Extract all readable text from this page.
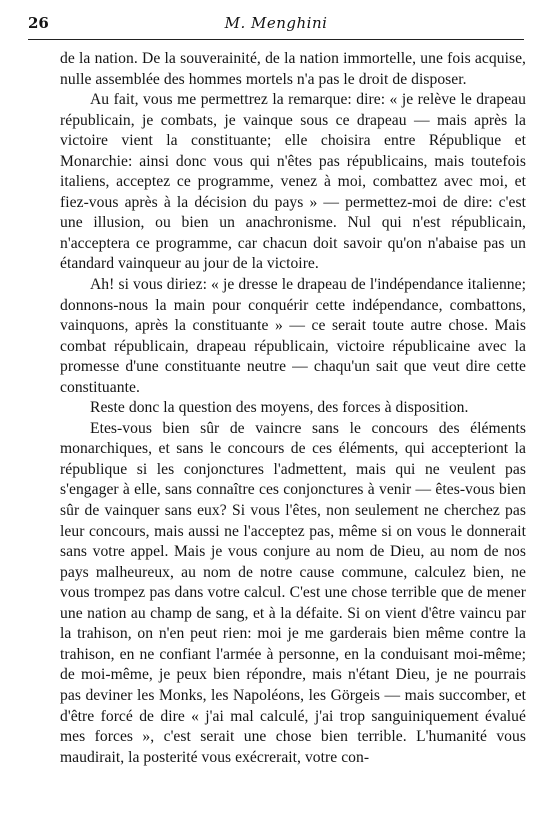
26	M. Menghini

de la nation. De la souverainité, de la nation immortelle, une fois acquise, nulle assemblée des hommes mortels n'a pas le droit de disposer.

Au fait, vous me permettrez la remarque: dire: « je relève le drapeau républicain, je combats, je vainque sous ce drapeau — mais après la victoire vient la constituante; elle choisira entre République et Monarchie: ainsi donc vous qui n'êtes pas républicains, mais toutefois italiens, acceptez ce programme, venez à moi, combattez avec moi, et fiez-vous après à la décision du pays » — permettez-moi de dire: c'est une illusion, ou bien un anachronisme. Nul qui n'est républicain, n'acceptera ce programme, car chacun doit savoir qu'on n'abaise pas un étandard vainqueur au jour de la victoire.

Ah! si vous diriez: « je dresse le drapeau de l'indépendance italienne; donnons-nous la main pour conquérir cette indépendance, combattons, vainquons, après la constituante » — ce serait toute autre chose. Mais combat républicain, drapeau républicain, victoire républicaine avec la promesse d'une constituante neutre — chaqu'un sait que veut dire cette constituante.

Reste donc la question des moyens, des forces à disposition.

Etes-vous bien sûr de vaincre sans le concours des éléments monarchiques, et sans le concours de ces éléments, qui accepteriont la république si les conjonctures l'admettent, mais qui ne veulent pas s'engager à elle, sans connaître ces conjonctures à venir — êtes-vous bien sûr de vainquer sans eux? Si vous l'êtes, non seulement ne cherchez pas leur concours, mais aussi ne l'acceptez pas, même si on vous le donnerait sans votre appel. Mais je vous conjure au nom de Dieu, au nom de nos pays malheureux, au nom de notre cause commune, calculez bien, ne vous trompez pas dans votre calcul. C'est une chose terrible que de mener une nation au champ de sang, et à la défaite. Si on vient d'être vaincu par la trahison, on n'en peut rien: moi je me garderais bien même contre la trahison, en ne confiant l'armée à personne, en la conduisant moi-même; de moi-même, je peux bien répondre, mais n'étant Dieu, je ne pourrais pas deviner les Monks, les Napoléons, les Görgeis — mais succomber, et d'être forcé de dire « j'ai mal calculé, j'ai trop sanguiniquement évalué mes forces », c'est serait une chose bien terrible. L'humanité vous maudirait, la posterité vous exécrerait, votre con-
